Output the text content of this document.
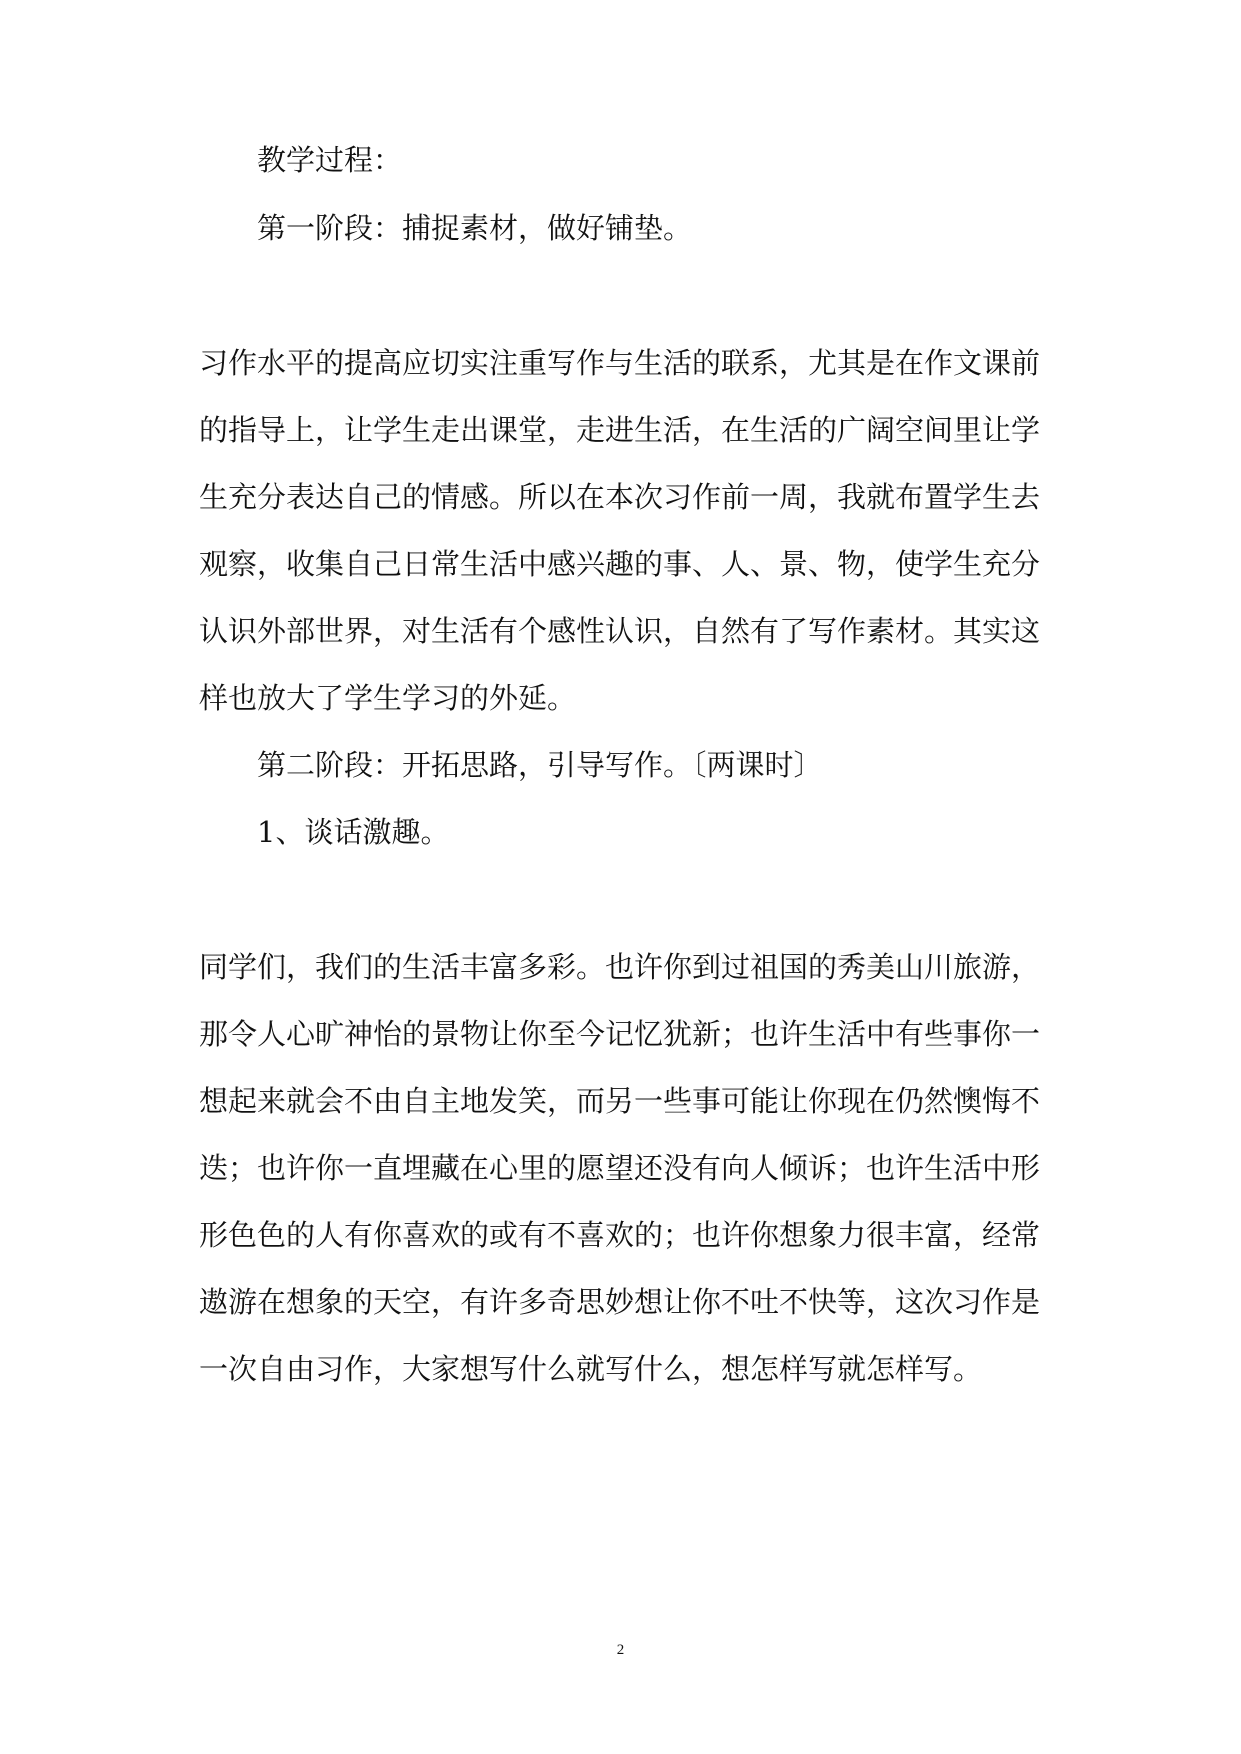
教学过程：
第一阶段：捕捉素材，做好铺垫。
习作水平的提高应切实注重写作与生活的联系，尤其是在作文课前
的指导上，让学生走出课堂，走进生活，在生活的广阔空间里让学
生充分表达自己的情感。所以在本次习作前一周，我就布置学生去
观察，收集自己日常生活中感兴趣的事、人、景、物，使学生充分
认识外部世界，对生活有个感性认识，自然有了写作素材。其实这
样也放大了学生学习的外延。
第二阶段：开拓思路，引导写作。〔两课时〕
1、谈话激趣。
同学们，我们的生活丰富多彩。也许你到过祖国的秀美山川旅游，
那令人心旷神怡的景物让你至今记忆犹新；也许生活中有些事你一
想起来就会不由自主地发笑，而另一些事可能让你现在仍然懊悔不
迭；也许你一直埋藏在心里的愿望还没有向人倾诉；也许生活中形
形色色的人有你喜欢的或有不喜欢的；也许你想象力很丰富，经常
遨游在想象的天空，有许多奇思妙想让你不吐不快等，这次习作是
一次自由习作，大家想写什么就写什么，想怎样写就怎样写。
2
